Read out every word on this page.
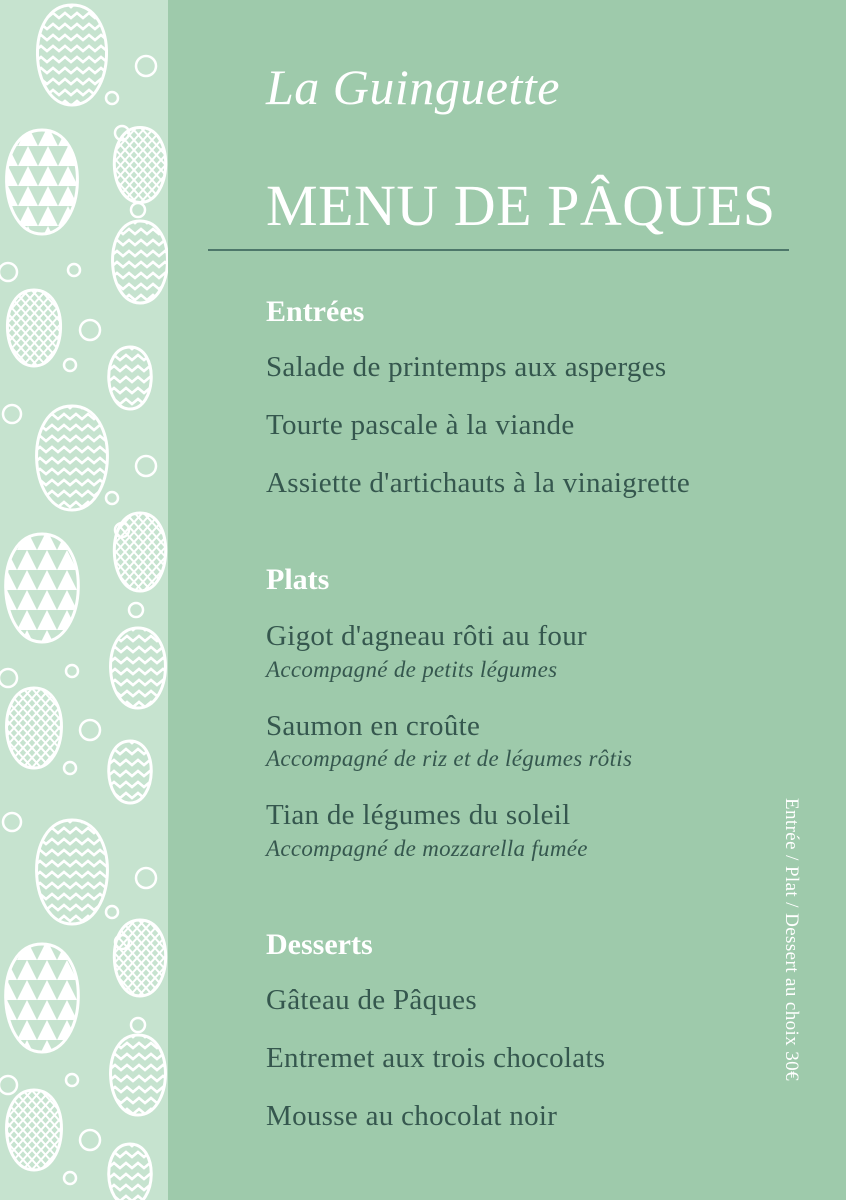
La Guinguette
MENU DE PÂQUES
Entrées
Salade de printemps aux asperges
Tourte pascale à la viande
Assiette d'artichauts à la vinaigrette
Plats
Gigot d'agneau rôti au four
Accompagné de petits légumes
Saumon en croûte
Accompagné de riz et de légumes rôtis
Tian de légumes du soleil
Accompagné de mozzarella fumée
Desserts
Gâteau de Pâques
Entremet aux trois chocolats
Mousse au chocolat noir
Entrée / Plat / Dessert au choix 30€
